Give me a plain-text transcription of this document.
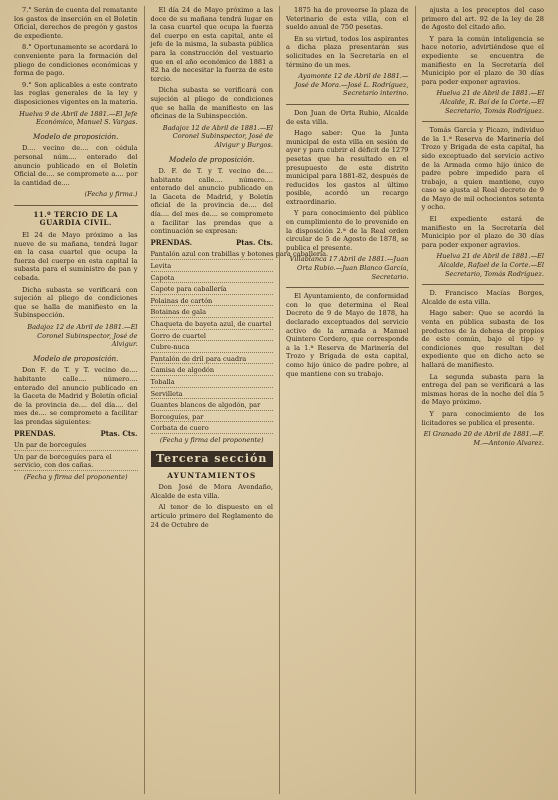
7.° Serán de cuenta del rematante los gastos de inserción en el Boletín Oficial, derechos de pregón y gastos de expediente.

8.° Oportunamente se acordará lo conveniente para la formación del pliego de condiciones económicas y forma de pago.

9.° Son aplicables a este contrato las reglas generales de la ley y disposiciones vigentes en la materia.

Huelva 9 de Abril de 1881.—El Jefe Económico, Manuel S. Vargas.
Modelo de proposición.

D.... vecino de.... con cédula personal núm.... enterado del anuncio publicado en el Boletín Oficial de.... se compromete a.... por la cantidad de....

(Fecha y firma.)
11.º TERCIO DE LA GUARDIA CIVIL.

El 24 de Mayo próximo a las nueve de su mañana, tendrá lugar en la casa cuartel que ocupa la fuerza del cuerpo en esta capital la subasta para el suministro de pan y cebada.

Dicha subasta se verificará con sujeción al pliego de condiciones que se halla de manifiesto en la Subinspección.

Badajoz 12 de Abril de 1881.—El Coronel Subinspector, José de Alvigur.
Modelo de proposición.

Don F. de T. y T. vecino de.... habitante calle.... número.... enterado del anuncio publicado en la Gaceta de Madrid y Boletín oficial de la provincia de.... del día.... del mes de.... se compromete a facilitar las prendas siguientes:

PRENDAS.	Ptas. Cts.
Un par de borceguíes
Un par de borceguíes para el servicio, con dos cañas.
(Fecha y firma del proponente)

El día 24 de Mayo próximo a las doce de su mañana tendrá lugar en la casa cuartel que ocupa la fuerza del cuerpo en esta capital, ante el jefe de la misma, la subasta pública para la construcción del vestuario que en el año económico de 1881 a 82 ha de necesitar la fuerza de este tercio.

Dicha subasta se verificará con sujeción al pliego de condiciones que se halla de manifiesto en las oficinas de la Subinspección.

Badajoz 12 de Abril de 1881.—El Coronel Subinspector, José de Alvigur y Burgos.
Modelo de proposición.

D. F. de T. y T. vecino de.... habitante calle.... número.... enterado del anuncio publicado en la Gaceta de Madrid, y Boletín oficial de la provincia de.... del día.... del mes de.... se compromete a facilitar las prendas que a continuación se expresan:

PRENDAS.	Ptas. Cts.
Pantalón azul con trabillas y botones para caballería.
Levita
Capota
Capote para caballería
Polainas de cartón
Botainas de gala
Chaqueta de bayeta azul, de cuartel
Gorro de cuartel
Cubre-nuca
Pantalón de dril para cuadra
Camisa de algodón
Toballa
Servilleta
Guantes blancos de algodón, par
Borceguíes, par
Corbata de cuero
(Fecha y firma del proponente)
Tercera sección
AYUNTAMIENTOS

Don José de Mora Avendaño, Alcalde de esta villa.

Al tenor de lo dispuesto en el artículo primero del Reglamento de 24 de Octubre de

1875 ha de proveerse la plaza de Veterinario de esta villa, con el sueldo anual de 750 pesetas.

En su virtud, todos los aspirantes a dicha plaza presentarán sus solicitudes en la Secretaría en el término de un mes.

Ayamonte 12 de Abril de 1881.—José de Mora.—José L. Rodríguez, Secretario interino.

Don Juan de Orta Rubio, Alcalde de esta villa.

Hago saber: Que la Junta municipal de esta villa en sesión de ayer y para cubrir el déficit de 1279 pesetas que ha resultado en el presupuesto de este distrito municipal para 1881-82, después de reducidos los gastos al último posible, acordó un recargo extraordinario.

Y para conocimiento del público en cumplimiento de lo prevenido en la disposición 2.ª de la Real orden circular de 5 de Agosto de 1878, se publica el presente.

Villablanca 17 Abril de 1881.—Juan Orta Rubio.—Juan Blanco García, Secretario.

El Ayuntamiento, de conformidad con lo que determina el Real Decreto de 9 de Mayo de 1878, ha declarado exceptuados del servicio activo de la armada a Manuel Quintero Cordero, que corresponde a la 1.ª Reserva de Marinería del Trozo y Brigada de esta capital, como hijo único de padre pobre, al que mantiene con su trabajo.

ajusta a los preceptos del caso primero del art. 92 de la ley de 28 de Agosto del citado año.

Y para la común inteligencia se hace notorio, advirtiéndose que el expediente se encuentra de manifiesto en la Secretaría del Municipio por el plazo de 30 días para poder exponer agravios.

Huelva 21 de Abril de 1881.—El Alcalde, R. Baí de la Corte.—El Secretario, Tomás Rodríguez.

Tomás García y Picazo, individuo de la 1.ª Reserva de Marinería del Trozo y Brigada de esta capital, ha sido exceptuado del servicio activo de la Armada como hijo único de padre pobre impedido para el trabajo, a quien mantiene, cuyo caso se ajusta al Real decreto de 9 de Mayo de mil ochocientos setenta y ocho.

El expediente estará de manifiesto en la Secretaría del Municipio por el plazo de 30 días para poder exponer agravios.

Huelva 21 de Abril de 1881.—El Alcalde, Rafael de la Corte.—El Secretario, Tomás Rodríguez.

D. Francisco Macías Borges, Alcalde de esta villa.

Hago saber: Que se acordó la venta en pública subasta de los productos de la dehesa de propios de este común, bajo el tipo y condiciones que resultan del expediente que en dicho acto se hallará de manifiesto.

La segunda subasta para la entrega del pan se verificará a las mismas horas de la noche del día 5 de Mayo próximo.

Y para conocimiento de los licitadores se publica el presente.

El Granado 20 de Abril de 1881.—F. M.—Antonio Alvarez.
